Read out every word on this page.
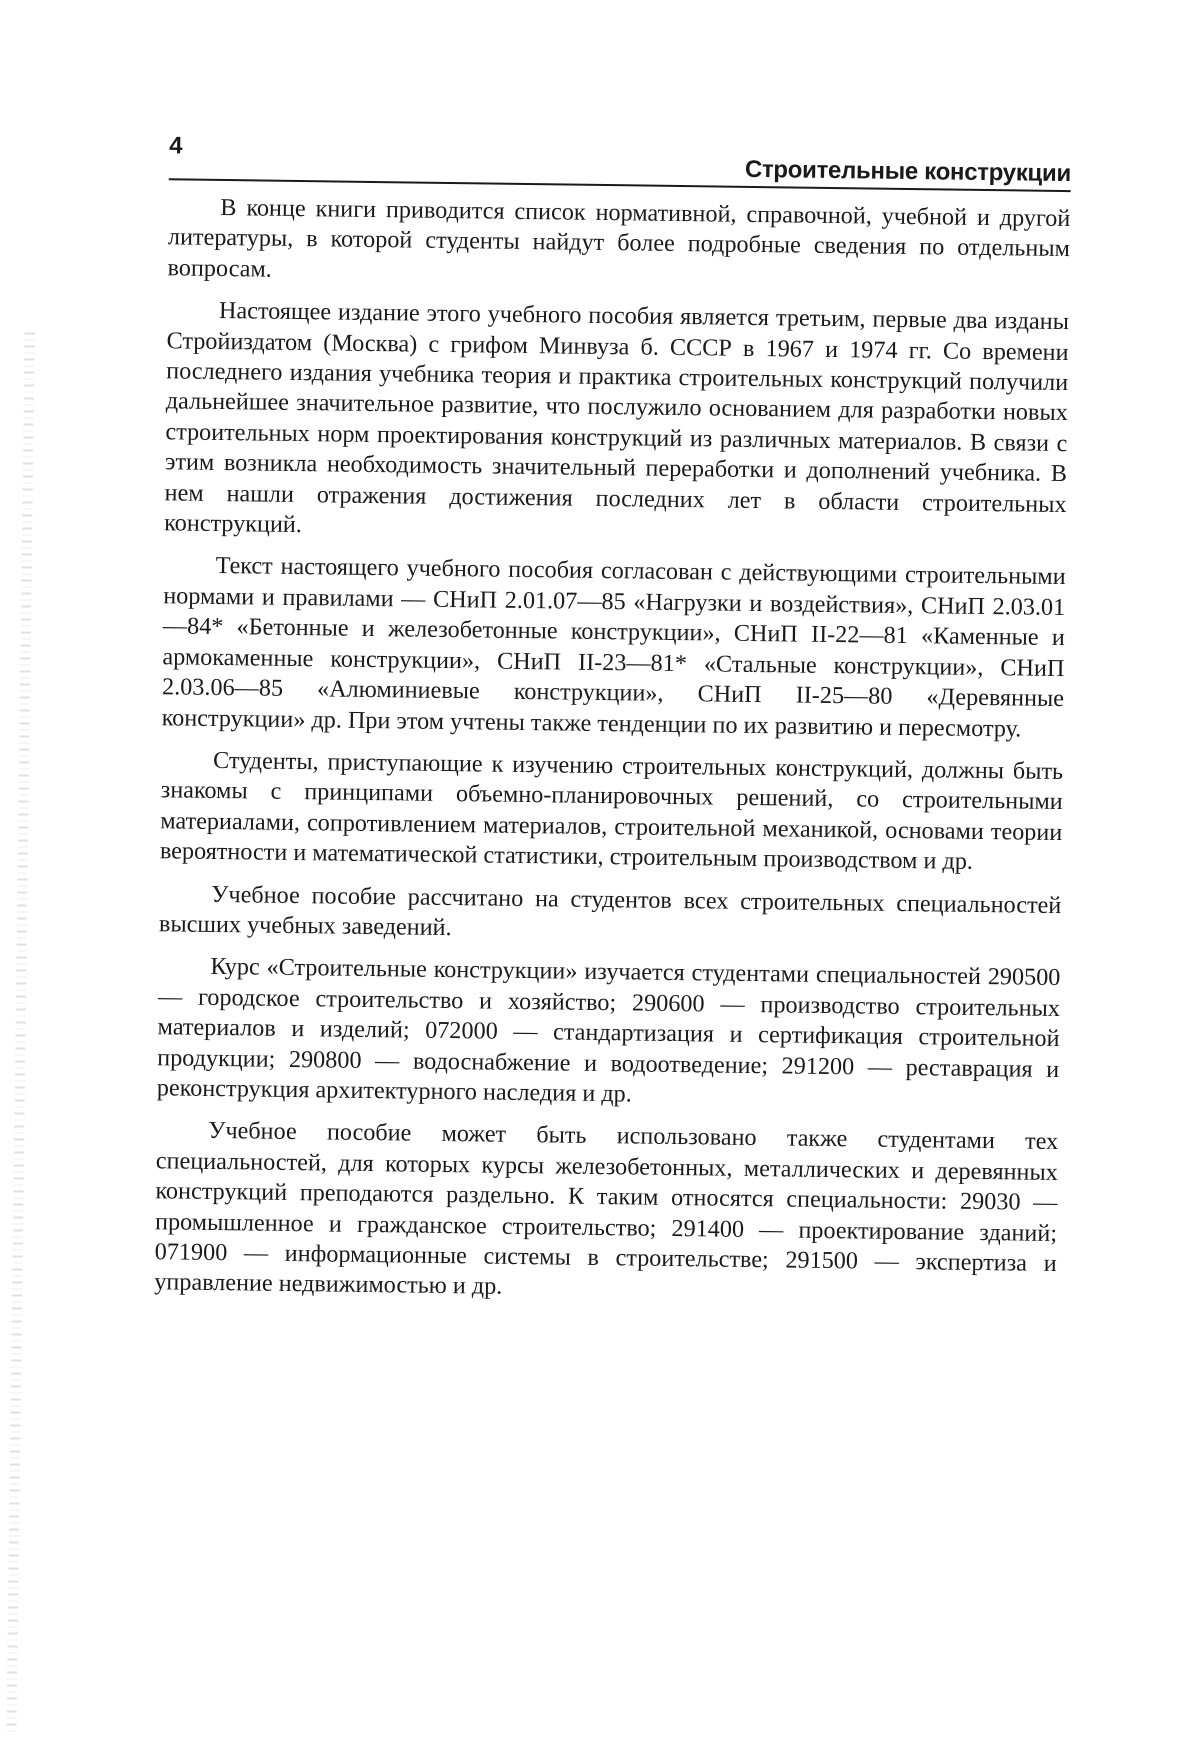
4
Строительные конструкции

В конце книги приводится список нормативной, справочной, учебной и другой литературы, в которой студенты найдут более подробные сведения по отдельным вопросам.

Настоящее издание этого учебного пособия является третьим, первые два изданы Стройиздатом (Москва) с грифом Минвуза б. СССР в 1967 и 1974 гг. Со времени последнего издания учебника теория и практика строительных конструкций получили дальнейшее значительное развитие, что послужило основанием для разработки новых строительных норм проектирования конструкций из различных материалов. В связи с этим возникла необходимость значительный переработки и дополнений учебника. В нем нашли отражения достижения последних лет в области строительных конструкций.

Текст настоящего учебного пособия согласован с действующими строительными нормами и правилами — СНиП 2.01.07—85 «Нагрузки и воздействия», СНиП 2.03.01—84* «Бетонные и железобетонные конструкции», СНиП II-22—81 «Каменные и армокаменные конструкции», СНиП II-23—81* «Стальные конструкции», СНиП 2.03.06—85 «Алюминиевые конструкции», СНиП II-25—80 «Деревянные конструкции» др. При этом учтены также тенденции по их развитию и пересмотру.

Студенты, приступающие к изучению строительных конструкций, должны быть знакомы с принципами объемно-планировочных решений, со строительными материалами, сопротивлением материалов, строительной механикой, основами теории вероятности и математической статистики, строительным производством и др.

Учебное пособие рассчитано на студентов всех строительных специальностей высших учебных заведений.

Курс «Строительные конструкции» изучается студентами специальностей 290500 — городское строительство и хозяйство; 290600 — производство строительных материалов и изделий; 072000 — стандартизация и сертификация строительной продукции; 290800 — водоснабжение и водоотведение; 291200 — реставрация и реконструкция архитектурного наследия и др.

Учебное пособие может быть использовано также студентами тех специальностей, для которых курсы железобетонных, металлических и деревянных конструкций преподаются раздельно. К таким относятся специальности: 29030 — промышленное и гражданское строительство; 291400 — проектирование зданий; 071900 — информационные системы в строительстве; 291500 — экспертиза и управление недвижимостью и др.
